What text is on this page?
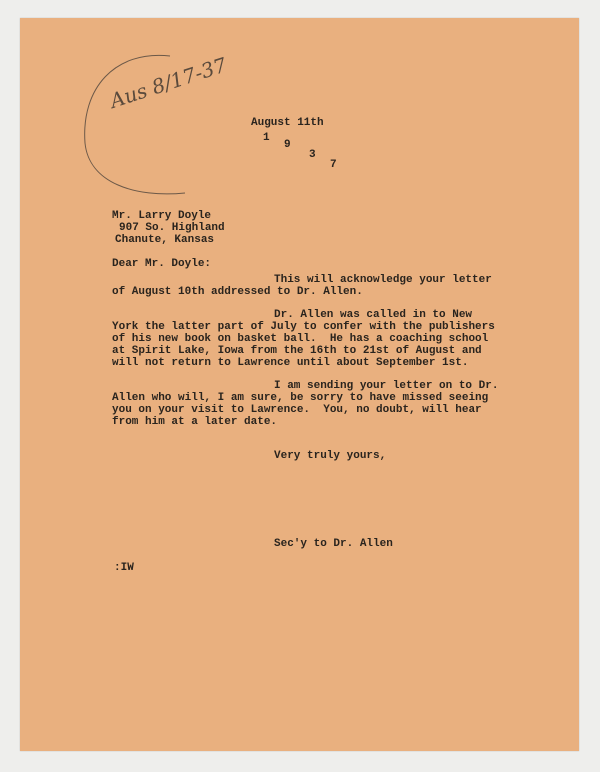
Aus 8/17-37

August 11th

1

9

3

7

Mr. Larry Doyle

907 So. Highland

Chanute, Kansas

Dear Mr. Doyle:

This will acknowledge your letter

of August 10th addressed to Dr. Allen.

Dr. Allen was called in to New

York the latter part of July to confer with the publishers

of his new book on basket ball.  He has a coaching school

at Spirit Lake, Iowa from the 16th to 21st of August and

will not return to Lawrence until about September 1st.

I am sending your letter on to Dr.

Allen who will, I am sure, be sorry to have missed seeing

you on your visit to Lawrence.  You, no doubt, will hear

from him at a later date.

Very truly yours,

Sec'y to Dr. Allen

:IW
